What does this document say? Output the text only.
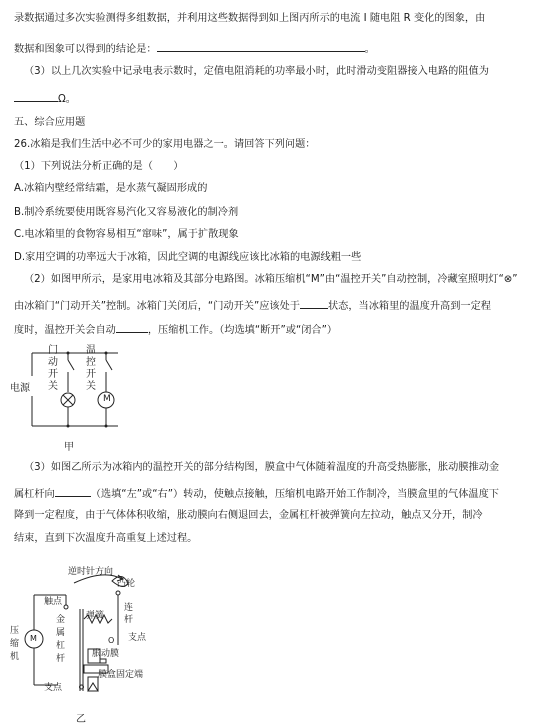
录数据通过多次实验测得多组数据，并利用这些数据得到如上图丙所示的电流 I 随电阻 R 变化的图象，由
数据和图象可以得到的结论是：	。
（3）以上几次实验中记录电表示数时，定值电阻消耗的功率最小时，此时滑动变阻器接入电路的阻值为
Ω。
五、综合应用题
26.冰箱是我们生活中必不可少的家用电器之一。请回答下列问题：
（1）下列说法分析正确的是（　　）
A.冰箱内壁经常结霜，是水蒸气凝固形成的
B.制冷系统要使用既容易汽化又容易液化的制冷剂
C.电冰箱里的食物容易相互“窜味”，属于扩散现象
D.家用空调的功率远大于冰箱，因此空调的电源线应该比冰箱的电源线粗一些
（2）如图甲所示，是家用电冰箱及其部分电路图。冰箱压缩机“M”由“温控开关”自动控制，冷藏室照明灯“⊗”
由冰箱门“门动开关”控制。冰箱门关闭后，“门动开关”应该处于	状态，当冰箱里的温度升高到一定程
度时，温控开关会自动	，压缩机工作。（均选填“断开”或“闭合”）
电源
门
动
开
关
温
控
开
关
M
甲
（3）如图乙所示为冰箱内的温控开关的部分结构图，膜盒中气体随着温度的升高受热膨胀，胀动膜推动金
属杠杆向	（选填“左”或“右”）转动，使触点接触，压缩机电路开始工作制冷，当膜盒里的气体温度下
降到一定程度，由于气体体积收缩，胀动膜向右侧退回去，金属杠杆被弹簧向左拉动，触点又分开，制冷
结束，直到下次温度升高重复上述过程。
逆时针方向
凸轮
触点
弹簧
连
杆
支点
O
金
属
杠
杆
压
缩
机
M
胀动膜
膜盒固定端
支点
乙
